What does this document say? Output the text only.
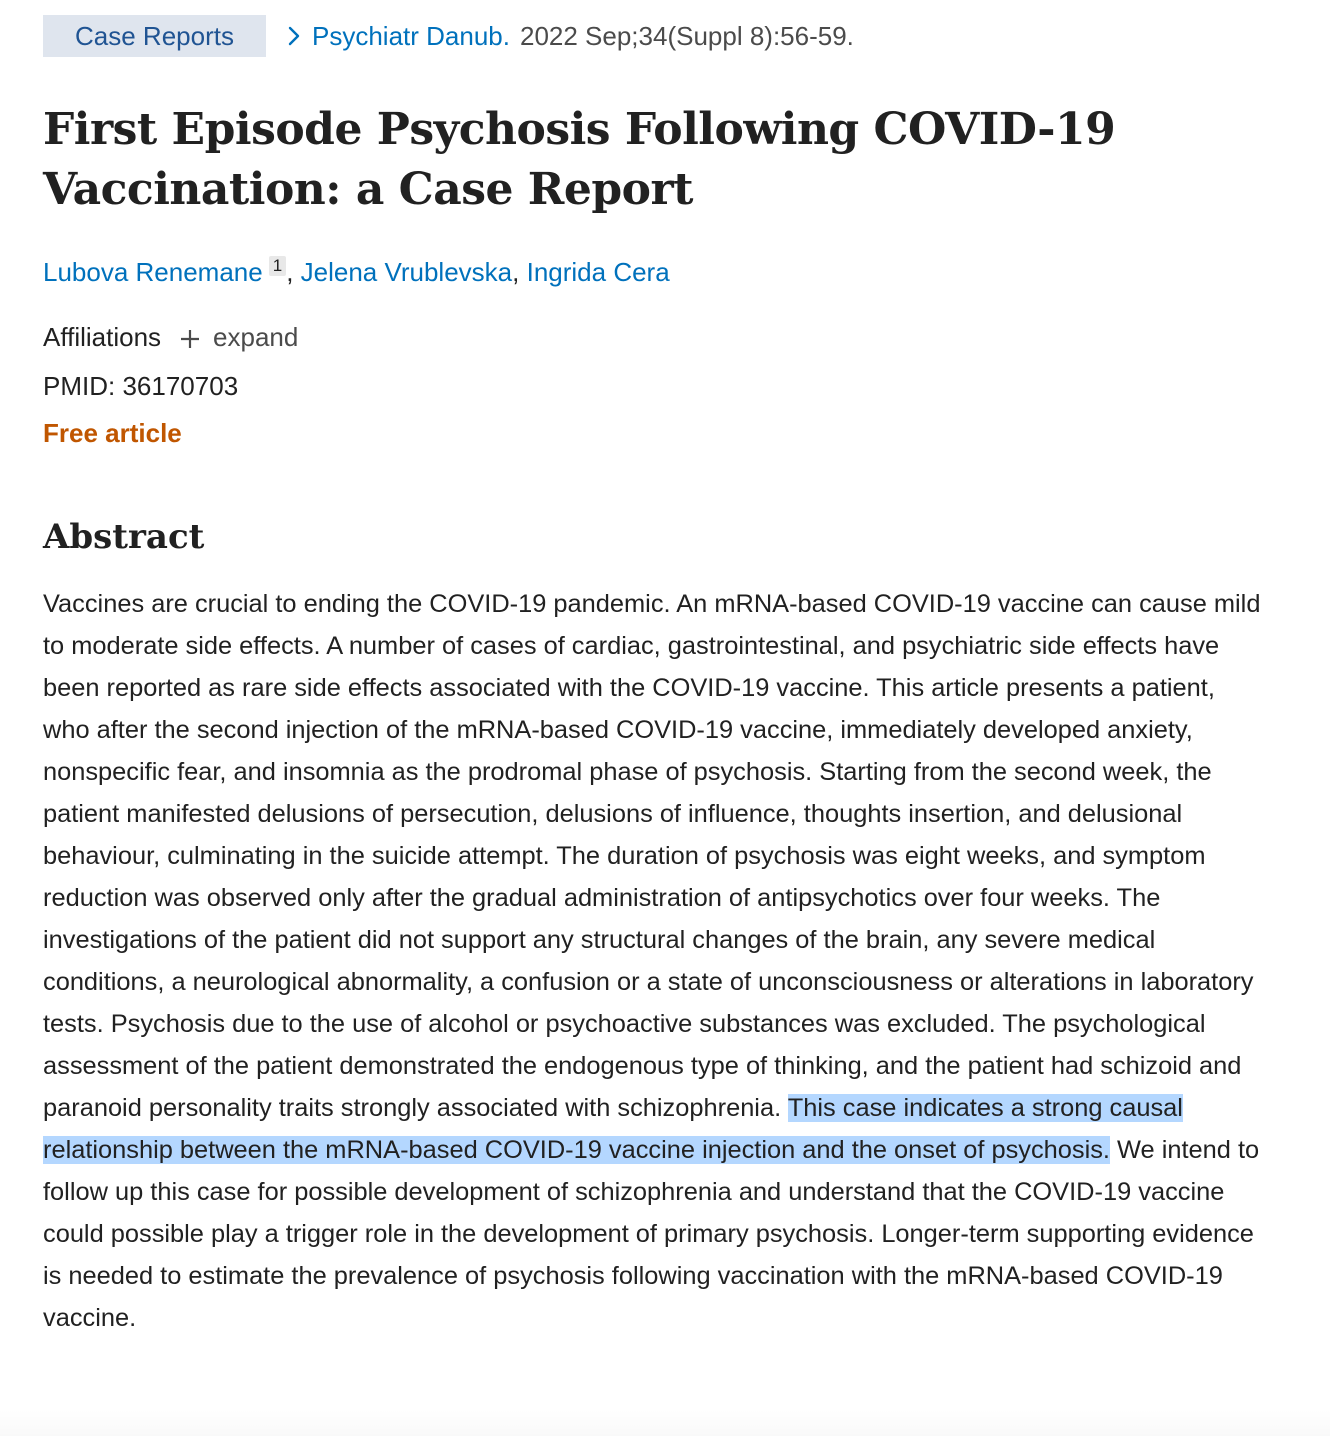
Case Reports	Psychiatr Danub. 2022 Sep;34(Suppl 8):56-59.
First Episode Psychosis Following COVID-19 Vaccination: a Case Report
Lubova Renemane 1 , Jelena Vrublevska, Ingrida Cera
Affiliations expand
PMID: 36170703
Free article
Abstract

Vaccines are crucial to ending the COVID-19 pandemic. An mRNA-based COVID-19 vaccine can cause mild to moderate side effects. A number of cases of cardiac, gastrointestinal, and psychiatric side effects have been reported as rare side effects associated with the COVID-19 vaccine. This article presents a patient, who after the second injection of the mRNA-based COVID-19 vaccine, immediately developed anxiety, nonspecific fear, and insomnia as the prodromal phase of psychosis. Starting from the second week, the patient manifested delusions of persecution, delusions of influence, thoughts insertion, and delusional behaviour, culminating in the suicide attempt. The duration of psychosis was eight weeks, and symptom reduction was observed only after the gradual administration of antipsychotics over four weeks. The investigations of the patient did not support any structural changes of the brain, any severe medical conditions, a neurological abnormality, a confusion or a state of unconsciousness or alterations in laboratory tests. Psychosis due to the use of alcohol or psychoactive substances was excluded. The psychological assessment of the patient demonstrated the endogenous type of thinking, and the patient had schizoid and paranoid personality traits strongly associated with schizophrenia. This case indicates a strong causal relationship between the mRNA-based COVID-19 vaccine injection and the onset of psychosis. We intend to follow up this case for possible development of schizophrenia and understand that the COVID-19 vaccine could possible play a trigger role in the development of primary psychosis. Longer-term supporting evidence is needed to estimate the prevalence of psychosis following vaccination with the mRNA-based COVID-19 vaccine.
